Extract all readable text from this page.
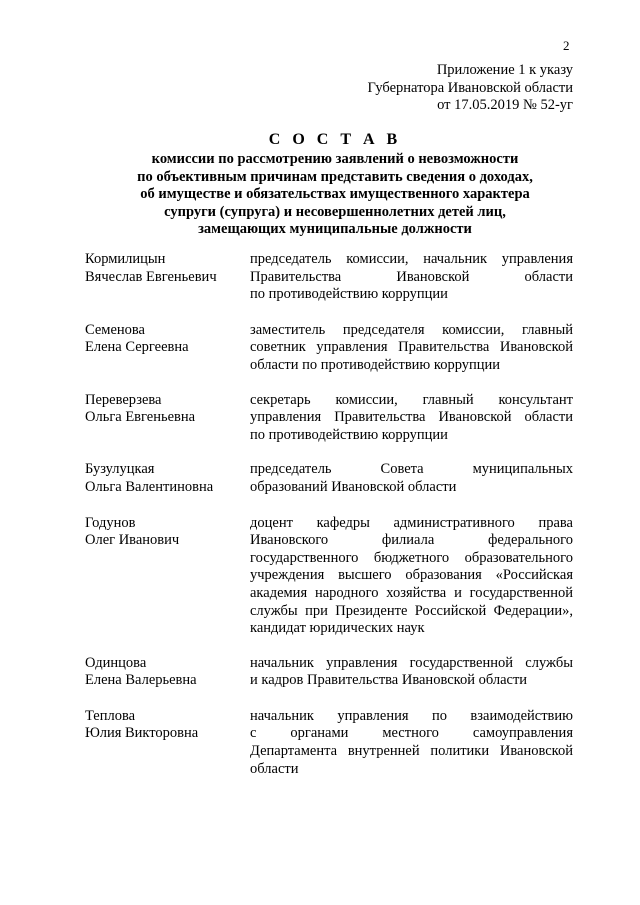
2
Приложение 1 к указу
Губернатора Ивановской области
от 17.05.2019 № 52-уг
С О С Т А В
комиссии по рассмотрению заявлений о невозможности
по объективным причинам представить сведения о доходах,
об имуществе и обязательствах имущественного характера
супруги (супруга) и несовершеннолетних детей лиц,
замещающих муниципальные должности
Кормилицын
Вячеслав Евгеньевич
председатель комиссии, начальник управления
Правительства Ивановской области
по противодействию коррупции
Семенова
Елена Сергеевна
заместитель председателя комиссии, главный
советник управления Правительства Ивановской
области по противодействию коррупции
Переверзева
Ольга Евгеньевна
секретарь комиссии, главный консультант
управления Правительства Ивановской области
по противодействию коррупции
Бузулуцкая
Ольга Валентиновна
председатель Совета муниципальных
образований Ивановской области
Годунов
Олег Иванович
доцент кафедры административного права
Ивановского филиала федерального
государственного бюджетного образовательного
учреждения высшего образования «Российская
академия народного хозяйства и государственной
службы при Президенте Российской Федерации»,
кандидат юридических наук
Одинцова
Елена Валерьевна
начальник управления государственной службы
и кадров Правительства Ивановской области
Теплова
Юлия Викторовна
начальник управления по взаимодействию
с органами местного самоуправления
Департамента внутренней политики Ивановской
области
